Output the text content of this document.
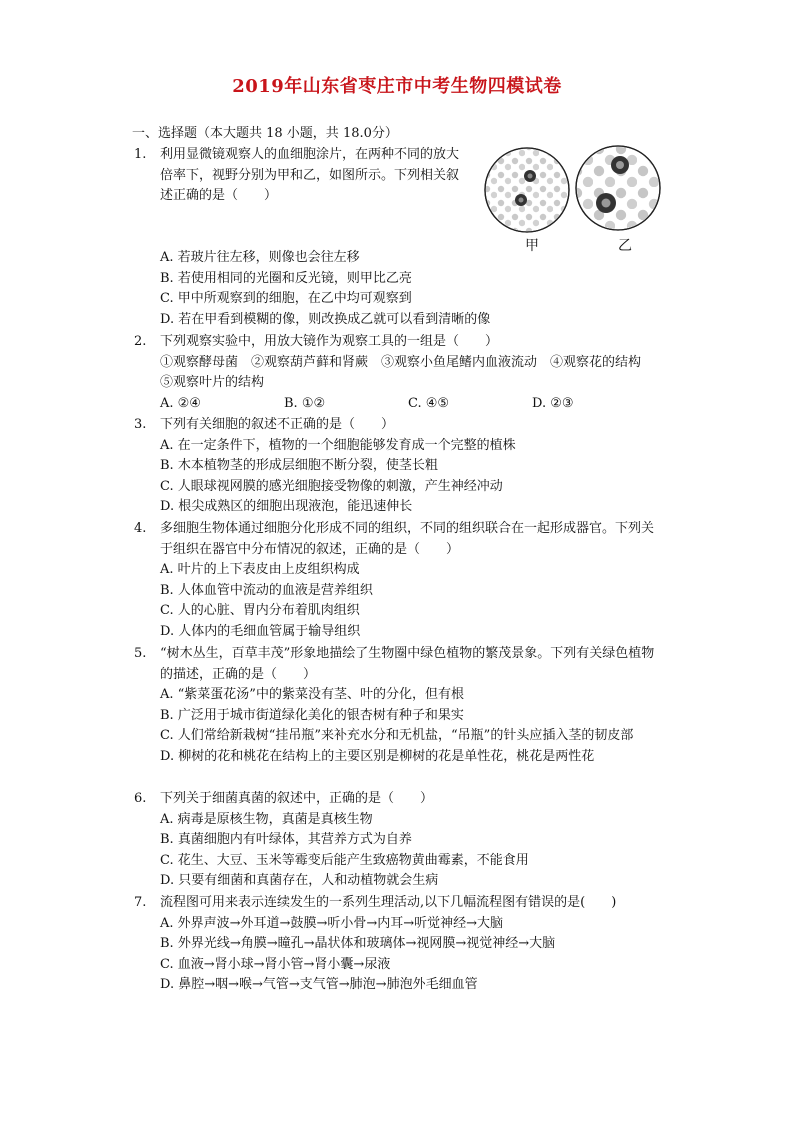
2019年山东省枣庄市中考生物四模试卷
一、选择题（本大题共 18 小题，共 18.0分）
甲	乙
1.	利用显微镜观察人的血细胞涂片，在两种不同的放大倍率下，视野分别为甲和乙，如图所示。下列相关叙述正确的是（　　）
A. 若玻片往左移，则像也会往左移
B. 若使用相同的光圈和反光镜，则甲比乙亮
C. 甲中所观察到的细胞，在乙中均可观察到
D. 若在甲看到模糊的像，则改换成乙就可以看到清晰的像
2.	下列观察实验中，用放大镜作为观察工具的一组是（　　）
①观察酵母菌　②观察葫芦藓和肾蕨　③观察小鱼尾鳍内血液流动　④观察花的结构　　⑤观察叶片的结构
A. ②④	B. ①②	C. ④⑤	D. ②③
3.	下列有关细胞的叙述不正确的是（　　）
A. 在一定条件下，植物的一个细胞能够发育成一个完整的植株
B. 木本植物茎的形成层细胞不断分裂，使茎长粗
C. 人眼球视网膜的感光细胞接受物像的刺激，产生神经冲动
D. 根尖成熟区的细胞出现液泡，能迅速伸长
4.	多细胞生物体通过细胞分化形成不同的组织，不同的组织联合在一起形成器官。下列关于组织在器官中分布情况的叙述，正确的是（　　）
A. 叶片的上下表皮由上皮组织构成
B. 人体血管中流动的血液是营养组织
C. 人的心脏、胃内分布着肌肉组织
D. 人体内的毛细血管属于输导组织
5.	“树木丛生，百草丰茂”形象地描绘了生物圈中绿色植物的繁茂景象。下列有关绿色植物的描述，正确的是（　　）
A. “紫菜蛋花汤”中的紫菜没有茎、叶的分化，但有根
B. 广泛用于城市街道绿化美化的银杏树有种子和果实
C. 人们常给新栽树“挂吊瓶”来补充水分和无机盐，“吊瓶”的针头应插入茎的韧皮部
D. 柳树的花和桃花在结构上的主要区别是柳树的花是单性花，桃花是两性花
6.	下列关于细菌真菌的叙述中，正确的是（　　）
A. 病毒是原核生物，真菌是真核生物
B. 真菌细胞内有叶绿体，其营养方式为自养
C. 花生、大豆、玉米等霉变后能产生致癌物黄曲霉素，不能食用
D. 只要有细菌和真菌存在，人和动植物就会生病
7.	流程图可用来表示连续发生的一系列生理活动,以下几幅流程图有错误的是(　　)
A. 外界声波→外耳道→鼓膜→听小骨→内耳→听觉神经→大脑
B. 外界光线→角膜→瞳孔→晶状体和玻璃体→视网膜→视觉神经→大脑
C. 血液→肾小球→肾小管→肾小囊→尿液
D. 鼻腔→咽→喉→气管→支气管→肺泡→肺泡外毛细血管
